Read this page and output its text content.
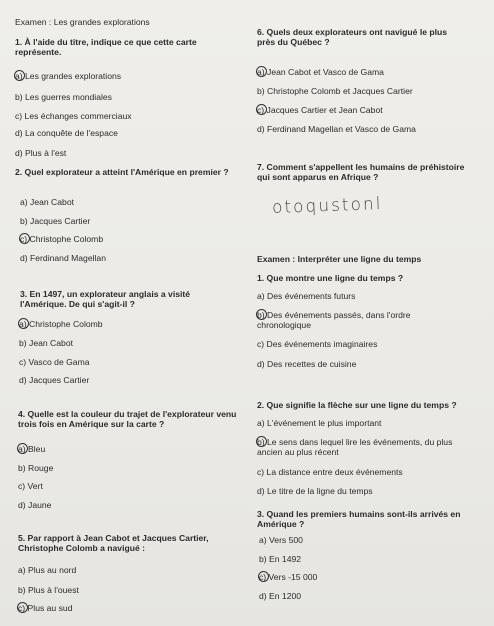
Examen : Les grandes explorations
1. À l'aide du titre, indique ce que cette carte représente.
a) Les grandes explorations
b) Les guerres mondiales
c) Les échanges commerciaux
d) La conquête de l'espace
d) Plus à l'est
2. Quel explorateur a atteint l'Amérique en premier ?
a) Jean Cabot
b) Jacques Cartier
c) Christophe Colomb
d) Ferdinand Magellan
3. En 1497, un explorateur anglais a visité l'Amérique. De qui s'agit-il ?
a) Christophe Colomb
b) Jean Cabot
c) Vasco de Gama
d) Jacques Cartier
4. Quelle est la couleur du trajet de l'explorateur venu trois fois en Amérique sur la carte ?
a) Bleu
b) Rouge
c) Vert
d) Jaune
5. Par rapport à Jean Cabot et Jacques Cartier, Christophe Colomb a navigué :
a) Plus au nord
b) Plus à l'ouest
c) Plus au sud
6. Quels deux explorateurs ont navigué le plus près du Québec ?
a) Jean Cabot et Vasco de Gama
b) Christophe Colomb et Jacques Cartier
c) Jacques Cartier et Jean Cabot
d) Ferdinand Magellan et Vasco de Gama
7. Comment s'appellent les humains de préhistoire qui sont apparus en Afrique ?
otoqustonl
Examen : Interpréter une ligne du temps
1. Que montre une ligne du temps ?
a) Des événements futurs
b) Des événements passés, dans l'ordre chronologique
c) Des événements imaginaires
d) Des recettes de cuisine
2. Que signifie la flèche sur une ligne du temps ?
a) L'événement le plus important
b) Le sens dans lequel lire les événements, du plus ancien au plus récent
c) La distance entre deux événements
d) Le titre de la ligne du temps
3. Quand les premiers humains sont-ils arrivés en Amérique ?
a) Vers 500
b) En 1492
c) Vers -15 000
d) En 1200
